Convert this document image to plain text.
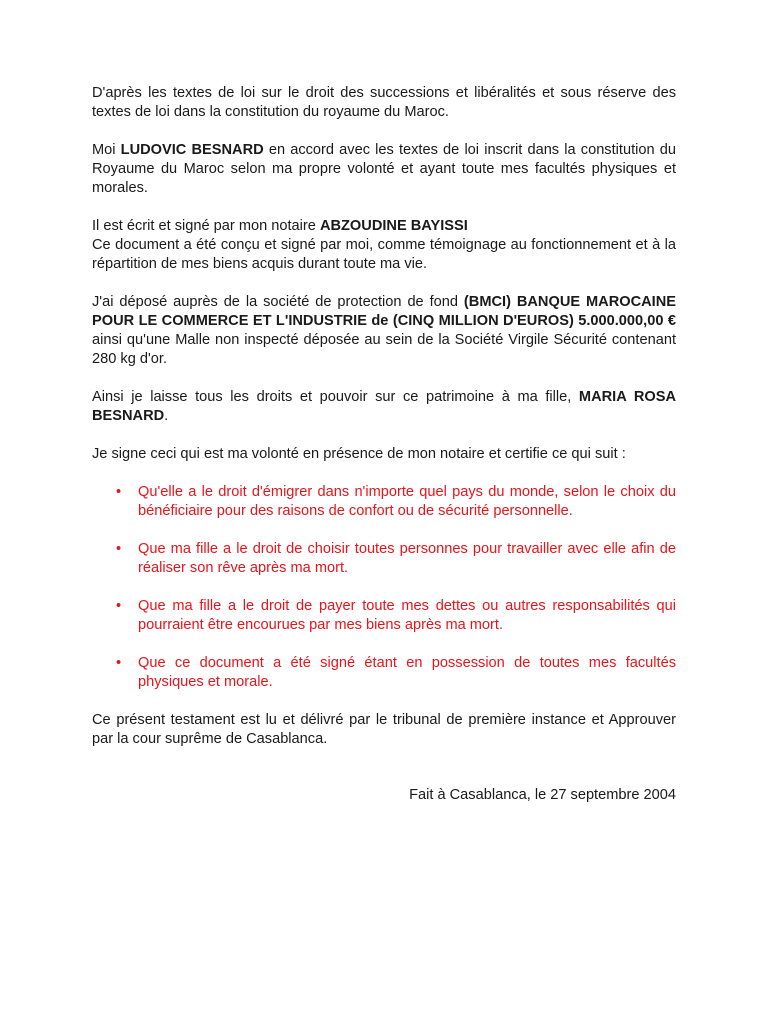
D'après les textes de loi sur le droit des successions et libéralités et sous réserve des textes de loi dans la constitution du royaume du Maroc.

Moi LUDOVIC BESNARD en accord avec les textes de loi inscrit dans la constitution du Royaume du Maroc selon ma propre volonté et ayant toute mes facultés physiques et morales.

Il est écrit et signé par mon notaire ABZOUDINE BAYISSI
Ce document a été conçu et signé par moi, comme témoignage au fonctionnement et à la répartition de mes biens acquis durant toute ma vie.

J'ai déposé auprès de la société de protection de fond (BMCI) BANQUE MAROCAINE POUR LE COMMERCE ET L'INDUSTRIE de (CINQ MILLION D'EUROS) 5.000.000,00 € ainsi qu'une Malle non inspecté déposée au sein de la Société Virgile Sécurité contenant 280 kg d'or.

Ainsi je laisse tous les droits et pouvoir sur ce patrimoine à ma fille, MARIA ROSA BESNARD.

Je signe ceci qui est ma volonté en présence de mon notaire et certifie ce qui suit :

• Qu'elle a le droit d'émigrer dans n'importe quel pays du monde, selon le choix du bénéficiaire pour des raisons de confort ou de sécurité personnelle.
• Que ma fille a le droit de choisir toutes personnes pour travailler avec elle afin de réaliser son rêve après ma mort.
• Que ma fille a le droit de payer toute mes dettes ou autres responsabilités qui pourraient être encourues par mes biens après ma mort.
• Que ce document a été signé étant en possession de toutes mes facultés physiques et morale.

Ce présent testament est lu et délivré par le tribunal de première instance et Approuver par la cour suprême de Casablanca.

Fait à Casablanca, le 27 septembre 2004
